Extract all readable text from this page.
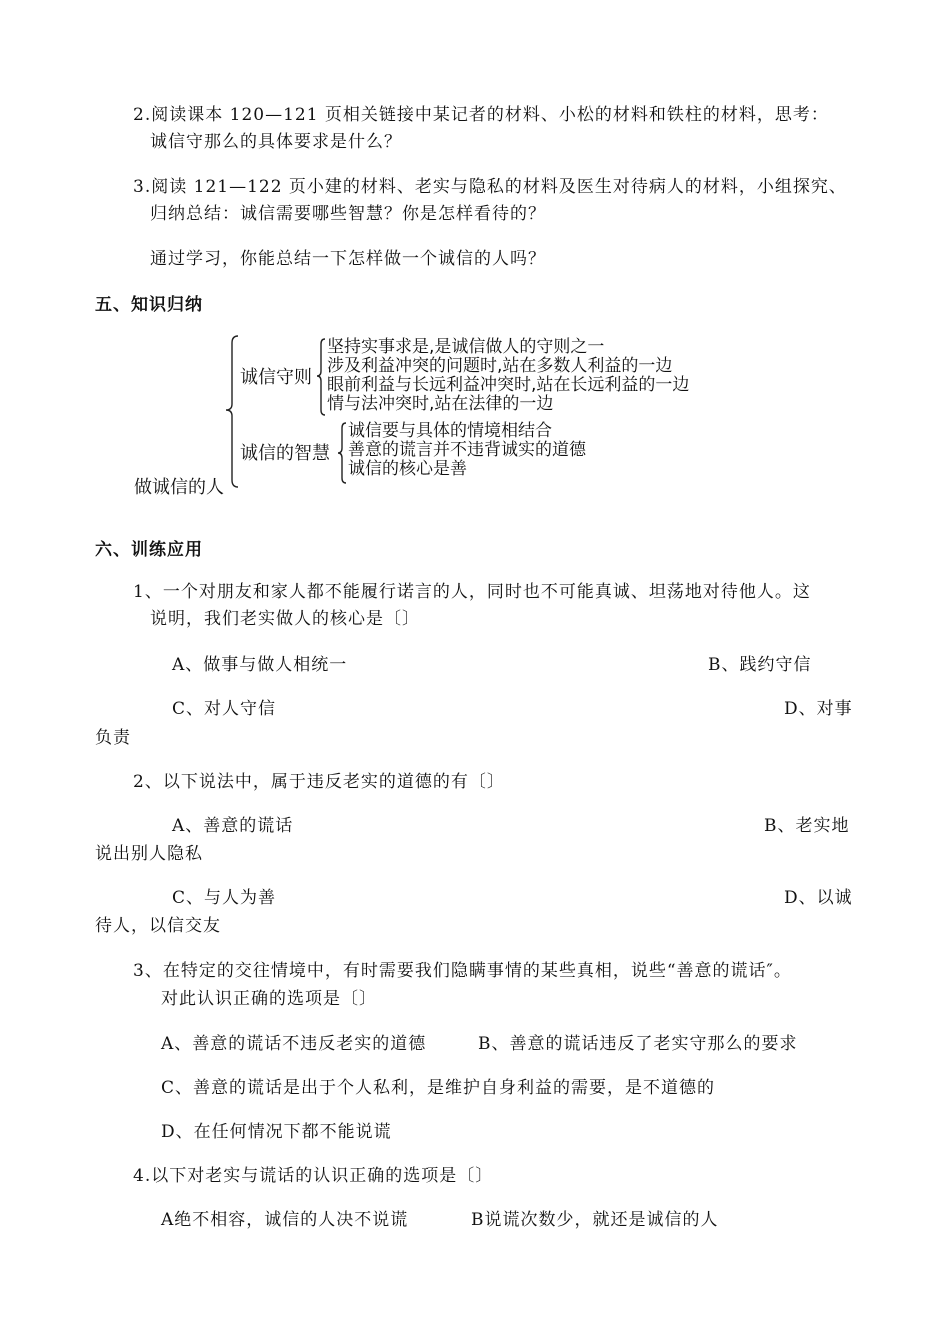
2.阅读课本 120—121 页相关链接中某记者的材料、小松的材料和铁柱的材料，思考：
诚信守那么的具体要求是什么？
3.阅读 121—122 页小建的材料、老实与隐私的材料及医生对待病人的材料，小组探究、
归纳总结：诚信需要哪些智慧？你是怎样看待的？
通过学习，你能总结一下怎样做一个诚信的人吗？
五、知识归纳
做诚信的人
诚信守则
坚持实事求是,是诚信做人的守则之一
涉及利益冲突的问题时,站在多数人利益的一边
眼前利益与长远利益冲突时,站在长远利益的一边
情与法冲突时,站在法律的一边
诚信的智慧
诚信要与具体的情境相结合
善意的谎言并不违背诚实的道德
诚信的核心是善
六、训练应用
1、一个对朋友和家人都不能履行诺言的人，同时也不可能真诚、坦荡地对待他人。这
说明，我们老实做人的核心是〔〕
A、做事与做人相统一	B、践约守信
C、对人守信	D、对事
负责
2、以下说法中，属于违反老实的道德的有〔〕
A、善意的谎话	B、老实地
说出别人隐私
C、与人为善	D、以诚
待人，以信交友
3、在特定的交往情境中，有时需要我们隐瞒事情的某些真相，说些“善意的谎话″。
对此认识正确的选项是〔〕
A、善意的谎话不违反老实的道德	B、善意的谎话违反了老实守那么的要求
C、善意的谎话是出于个人私利，是维护自身利益的需要，是不道德的
D、在任何情况下都不能说谎
4.以下对老实与谎话的认识正确的选项是〔〕
A绝不相容，诚信的人决不说谎	B说谎次数少，就还是诚信的人
